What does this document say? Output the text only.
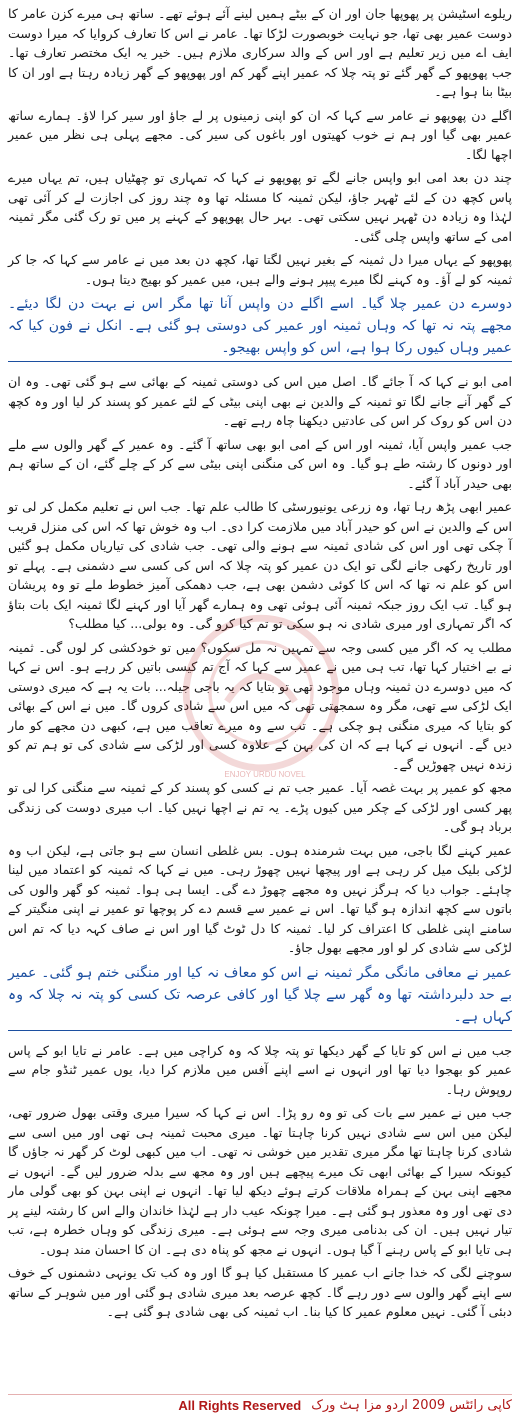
ریلوے اسٹیشن پر پھوپھا جان اور ان کے بیٹے ہمیں لینے آئے ہوئے تھے۔ ساتھ ہی میرے کزن عامر کا دوست عمیر بھی تھا، جو نہایت خوبصورت لڑکا تھا۔ عامر نے اس کا تعارف کروایا کہ میرا دوست ایف اے میں زیر تعلیم ہے اور اس کے والد سرکاری ملازم ہیں۔ خیر یہ ایک مختصر تعارف تھا۔ جب پھوپھو کے گھر گئے تو پتہ چلا کہ عمیر اپنے گھر کم اور پھوپھو کے گھر زیادہ رہتا ہے اور ان کا بیٹا بنا ہوا ہے۔

اگلے دن پھوپھو نے عامر سے کہا کہ ان کو اپنی زمینوں پر لے جاؤ اور سیر کرا لاؤ۔ ہمارے ساتھ عمیر بھی گیا اور ہم نے خوب کھیتوں اور باغوں کی سیر کی۔ مجھے پہلی ہی نظر میں عمیر اچھا لگا۔

چند دن بعد امی ابو واپس جانے لگے تو پھوپھو نے کہا کہ تمہاری تو چھٹیاں ہیں، تم یہاں میرے پاس کچھ دن کے لئے ٹھہر جاؤ، لیکن ثمینہ کا مسئلہ تھا وہ چند روز کی اجازت لے کر آئی تھی لہٰذا وہ زیادہ دن ٹھہر نہیں سکتی تھی۔ بہر حال پھوپھو کے کہنے پر میں تو رک گئی مگر ثمینہ امی کے ساتھ واپس چلی گئی۔

پھوپھو کے یہاں میرا دل ثمینہ کے بغیر نہیں لگتا تھا، کچھ دن بعد میں نے عامر سے کہا کہ جا کر ثمینہ کو لے آؤ۔ وہ کہنے لگا میرے پیپر ہونے والے ہیں، میں عمیر کو بھیج دیتا ہوں۔

دوسرے دن عمیر چلا گیا۔ اسے اگلے دن واپس آنا تھا مگر اس نے بہت دن لگا دیئے۔ مجھے پتہ نہ تھا کہ وہاں ثمینہ اور عمیر کی دوستی ہو گئی ہے۔ انکل نے فون کیا کہ عمیر وہاں کیوں رکا ہوا ہے، اس کو واپس بھیجو۔

امی ابو نے کہا کہ آ جائے گا۔ اصل میں اس کی دوستی ثمینہ کے بھائی سے ہو گئی تھی۔ وہ ان کے گھر آنے جانے لگا تو ثمینہ کے والدین نے بھی اپنی بیٹی کے لئے عمیر کو پسند کر لیا اور وہ کچھ دن اس کو روک کر اس کی عادتیں دیکھنا چاہ رہے تھے۔

جب عمیر واپس آیا، ثمینہ اور اس کے امی ابو بھی ساتھ آ گئے۔ وہ عمیر کے گھر والوں سے ملے اور دونوں کا رشتہ طے ہو گیا۔ وہ اس کی منگنی اپنی بیٹی سے کر کے چلے گئے، ان کے ساتھ ہم بھی حیدر آباد آ گئے۔

عمیر ابھی پڑھ رہا تھا، وہ زرعی یونیورسٹی کا طالب علم تھا۔ جب اس نے تعلیم مکمل کر لی تو اس کے والدین نے اس کو حیدر آباد میں ملازمت کرا دی۔ اب وہ خوش تھا کہ اس کی منزل قریب آ چکی تھی اور اس کی شادی ثمینہ سے ہونے والی تھی۔ جب شادی کی تیاریاں مکمل ہو گئیں اور تاریخ رکھی جانے لگی تو ایک دن عمیر کو پتہ چلا کہ اس کی کسی سے دشمنی ہے۔ پہلے تو اس کو علم نہ تھا کہ اس کا کوئی دشمن بھی ہے، جب دھمکی آمیز خطوط ملے تو وہ پریشان ہو گیا۔ تب ایک روز جبکہ ثمینہ آئی ہوئی تھی وہ ہمارے گھر آیا اور کہنے لگا ثمینہ ایک بات بتاؤ کہ اگر تمہاری اور میری شادی نہ ہو سکی تو تم کیا کرو گی۔ وہ بولی... کیا مطلب؟

مطلب یہ کہ اگر میں کسی وجہ سے تمہیں نہ مل سکوں؟ میں تو خودکشی کر لوں گی۔ ثمینہ نے بے اختیار کہا تھا، تب ہی میں نے عمیر سے کہا کہ آج تم کیسی باتیں کر رہے ہو۔ اس نے کہا کہ میں دوسرے دن ثمینہ وہاں موجود تھی تو بتایا کہ یہ باجی جیلہ... بات یہ ہے کہ میری دوستی ایک لڑکی سے تھی، مگر وہ سمجھتی تھی کہ میں اس سے شادی کروں گا۔ میں نے اس کے بھائی کو بتایا کہ میری منگنی ہو چکی ہے۔ تب سے وہ میرے تعاقب میں ہے، کبھی دن مجھے کو مار دیں گے۔ انہوں نے کہا ہے کہ ان کی بہن کے علاوہ کسی اور لڑکی سے شادی کی تو ہم تم کو زندہ نہیں چھوڑیں گے۔

مجھ کو عمیر پر بہت غصہ آیا۔ عمیر جب تم نے کسی کو پسند کر کے ثمینہ سے منگنی کرا لی تو پھر کسی اور لڑکی کے چکر میں کیوں پڑے۔ یہ تم نے اچھا نہیں کیا۔ اب میری دوست کی زندگی برباد ہو گی۔

عمیر کہنے لگا باجی، میں بہت شرمندہ ہوں۔ بس غلطی انسان سے ہو جاتی ہے، لیکن اب وہ لڑکی بلیک میل کر رہی ہے اور پیچھا نہیں چھوڑ رہی۔ میں نے کہا کہ ثمینہ کو اعتماد میں لینا چاہئے۔ جواب دیا کہ ہرگز نہیں وہ مجھے چھوڑ دے گی۔ ایسا ہی ہوا۔ ثمینہ کو گھر والوں کی باتوں سے کچھ اندازہ ہو گیا تھا۔ اس نے عمیر سے قسم دے کر پوچھا تو عمیر نے اپنی منگیتر کے سامنے اپنی غلطی کا اعتراف کر لیا۔ ثمینہ کا دل ٹوٹ گیا اور اس نے صاف کہہ دیا کہ تم اس لڑکی سے شادی کر لو اور مجھے بھول جاؤ۔

عمیر نے معافی مانگی مگر ثمینہ نے اس کو معاف نہ کیا اور منگنی ختم ہو گئی۔ عمیر بے حد دلبرداشتہ تھا وہ گھر سے چلا گیا اور کافی عرصہ تک کسی کو پتہ نہ چلا کہ وہ کہاں ہے۔

جب میں نے اس کو تایا کے گھر دیکھا تو پتہ چلا کہ وہ کراچی میں ہے۔ عامر نے تایا ابو کے پاس عمیر کو بھجوا دیا تھا اور انہوں نے اسے اپنے آفس میں ملازم کرا دیا، یوں عمیر ٹنڈو جام سے روپوش رہا۔

جب میں نے عمیر سے بات کی تو وہ رو پڑا۔ اس نے کہا کہ سیرا میری وقتی بھول ضرور تھی، لیکن میں اس سے شادی نہیں کرنا چاہتا تھا۔ میری محبت ثمینہ ہی تھی اور میں اسی سے شادی کرنا چاہتا تھا مگر میری تقدیر میں خوشی نہ تھی۔ اب میں کبھی لوٹ کر گھر نہ جاؤں گا کیونکہ سیرا کے بھائی ابھی تک میرے پیچھے ہیں اور وہ مجھ سے بدلہ ضرور لیں گے۔ انہوں نے مجھے اپنی بہن کے ہمراہ ملاقات کرتے ہوئے دیکھ لیا تھا۔ انہوں نے اپنی بہن کو بھی گولی مار دی تھی اور وہ معذور ہو گئی ہے۔ میرا چونکہ عیب دار ہے لہٰذا خاندان والے اس کا رشتہ لینے پر تیار نہیں ہیں۔ ان کی بدنامی میری وجہ سے ہوئی ہے۔ میری زندگی کو وہاں خطرہ ہے، تب ہی تایا ابو کے پاس رہنے آ گیا ہوں۔ انہوں نے مجھ کو پناہ دی ہے۔ ان کا احسان مند ہوں۔

سوچنے لگی کہ خدا جانے اب عمیر کا مستقبل کیا ہو گا اور وہ کب تک یونہی دشمنوں کے خوف سے اپنے گھر والوں سے دور رہے گا۔ کچھ عرصہ بعد میری شادی ہو گئی اور میں شوہر کے ساتھ دبئی آ گئی۔ نہیں معلوم عمیر کا کیا بنا۔ اب ثمینہ کی بھی شادی ہو گئی ہے۔

ENJOY URDU NOVEL
کاپی رائٹس 2009 اردو مزا ہٹ ورک
All Rights Reserved
